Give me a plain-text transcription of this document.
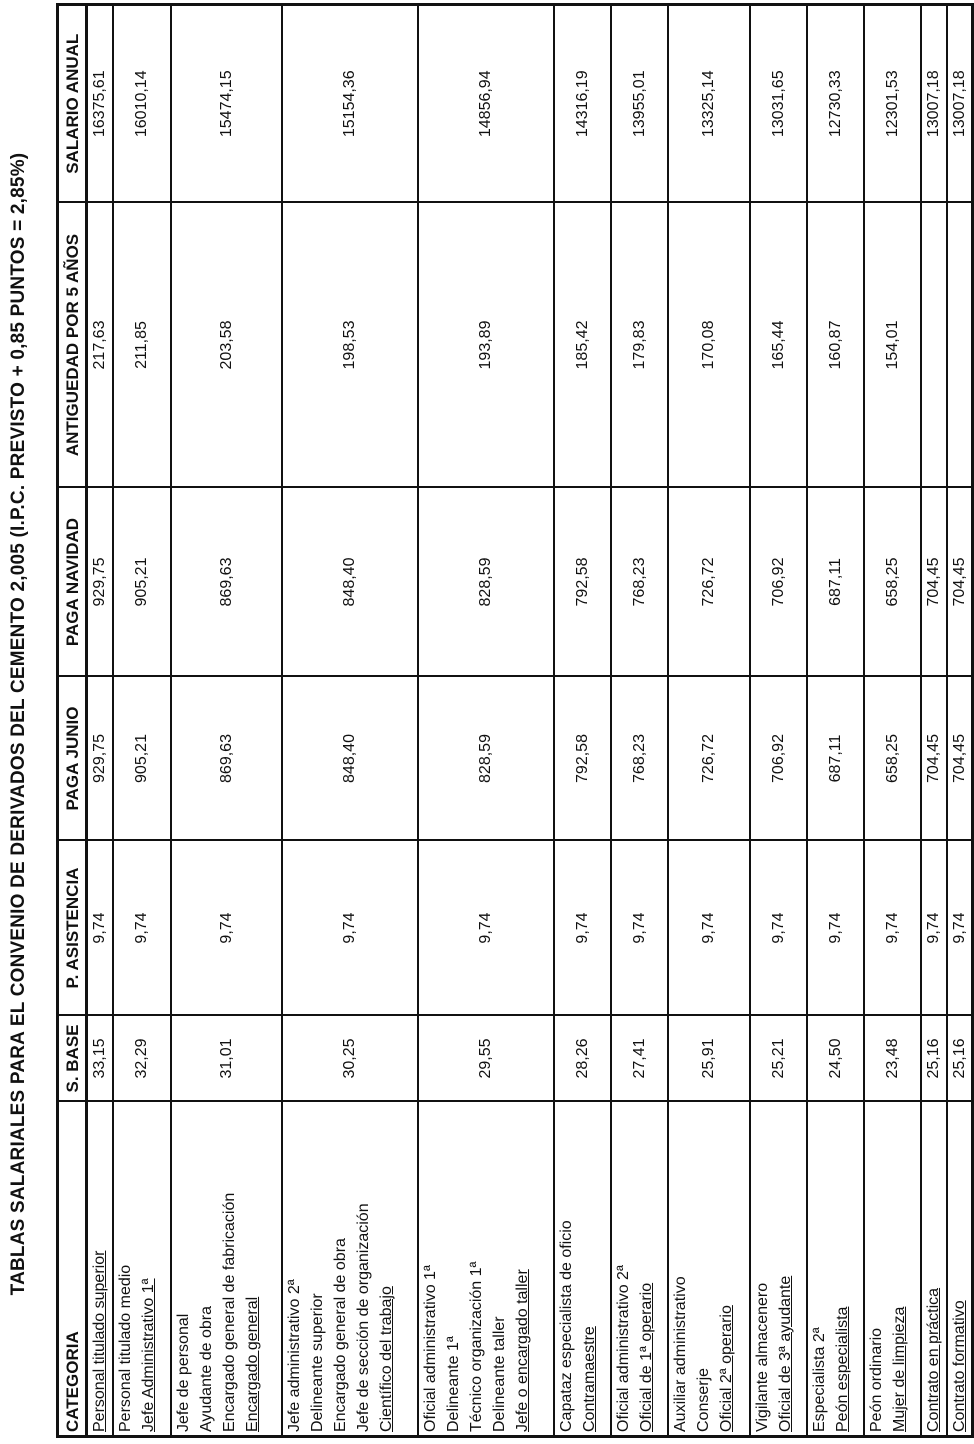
TABLAS SALARIALES PARA EL CONVENIO DE DERIVADOS DEL CEMENTO 2,005 (I.P.C. PREVISTO + 0,85 PUNTOS = 2,85%)
CATEGORIA	S. BASE	P. ASISTENCIA	PAGA JUNIO	PAGA NAVIDAD	ANTIGUEDAD POR 5 AÑOS	SALARIO ANUAL

Personal titulado superior	33,15	9,74	929,75	929,75	217,63	16375,61

Personal titulado medio Jefe Administrativo 1ª	32,29	9,74	905,21	905,21	211,85	16010,14

Jefe de personal Ayudante de obra Encargado general de fabricación Encargado general	31,01	9,74	869,63	869,63	203,58	15474,15

Jefe administrativo 2ª Delineante superior Encargado general de obra Jefe de sección de organización Científico del trabajo	30,25	9,74	848,40	848,40	198,53	15154,36

Oficial administrativo 1ª Delineante 1ª Técnico organización 1ª Delineante taller Jefe o encargado taller	29,55	9,74	828,59	828,59	193,89	14856,94

Capataz especialista de oficio Contramaestre	28,26	9,74	792,58	792,58	185,42	14316,19

Oficial administrativo 2ª Oficial de 1ª operario	27,41	9,74	768,23	768,23	179,83	13955,01

Auxiliar administrativo Conserje Oficial 2ª operario	25,91	9,74	726,72	726,72	170,08	13325,14

Vigilante almacenero Oficial de 3ª ayudante	25,21	9,74	706,92	706,92	165,44	13031,65

Especialista 2ª Peón especialista	24,50	9,74	687,11	687,11	160,87	12730,33

Peón ordinario Mujer de limpieza	23,48	9,74	658,25	658,25	154,01	12301,53

Contrato en práctica	25,16	9,74	704,45	704,45		13007,18

Contrato formativo	25,16	9,74	704,45	704,45		13007,18
